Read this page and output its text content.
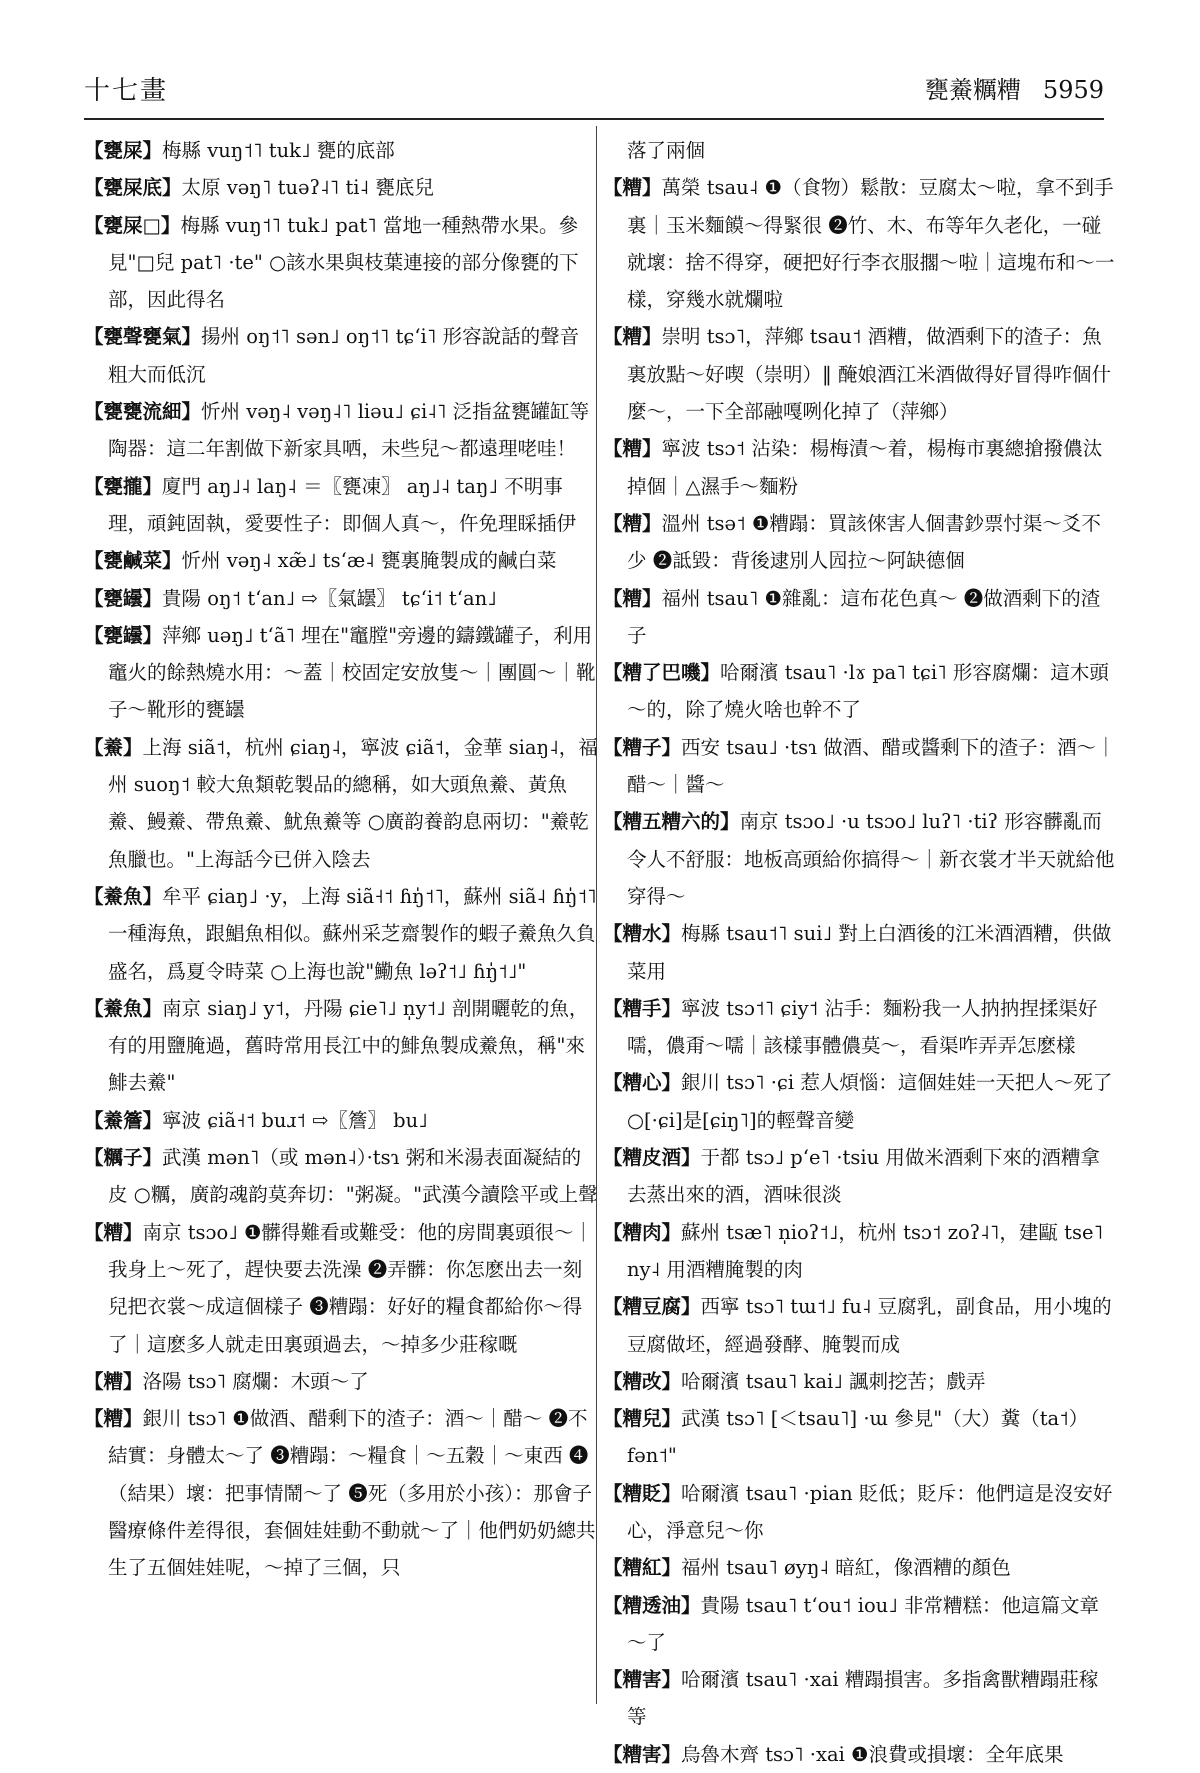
十七畫	甕鯗糲糟 5959

【甕屎】梅縣 vuŋ˦˥ tuk˩ 甕的底部

【甕屎底】太原 vəŋ˥ tuəʔ˨˥ ti˨ 甕底兒

【甕屎□】梅縣 vuŋ˦˥ tuk˩ pat˥ 當地一種熱帶水果。參見"□兒 pat˥ ·te" ○該水果與枝葉連接的部分像甕的下部，因此得名

【甕聲甕氣】揚州 oŋ˦˥ sən˩ oŋ˦˥ tɕ‘i˥ 形容說話的聲音粗大而低沉

【甕甕流細】忻州 vəŋ˨ vəŋ˨˥ liəu˩ ɕi˨˥ 泛指盆甕罐缸等陶器：這二年割做下新家具哂，未些兒～都遠理咾哇！

【甕攏】廈門 aŋ˩˨ laŋ˨ ＝〖甕凍〗 aŋ˩˨ taŋ˩ 不明事理，頑鈍固執，愛要性子：即個人真～，仵免理睬插伊

【甕鹹菜】忻州 vəŋ˨ xæ̃˩ ts‘æ˨ 甕裏腌製成的鹹白菜

【甕罎】貴陽 oŋ˦ t‘an˩ ⇨〖氣罎〗 tɕ‘i˦ t‘an˩

【甕罎】萍鄉 uəŋ˩ t‘ã˥ 埋在"竈膛"旁邊的鑄鐵罐子，利用竈火的餘熱燒水用：～蓋｜校固定安放隻～｜團圓～｜靴子～靴形的甕罎

【鯗】上海 siã˦，杭州 ɕiaŋ˨，寧波 ɕiã˦，金華 siaŋ˨，福州 suoŋ˦ 較大魚類乾製品的總稱，如大頭魚鯗、黃魚鯗、鰻鯗、帶魚鯗、魷魚鯗等 ○廣韵養韵息兩切："鯗乾魚臘也。"上海話今已併入陰去

【鯗魚】牟平 ɕiaŋ˩ ·y，上海 siã˧˦ ɦŋ̍˦˥，蘇州 siã˨ ɦŋ̍˦˥ 一種海魚，跟鯧魚相似。蘇州采芝齋製作的蝦子鯗魚久負盛名，爲夏令時菜 ○上海也說"鰳魚 ləʔ˦˩ ɦŋ̍˦˩"

【鯗魚】南京 siaŋ˩ y˦，丹陽 ɕie˥˩ n̩y˦˩ 剖開曬乾的魚，有的用鹽腌過，舊時常用長江中的鯡魚製成鯗魚，稱"來鯡去鯗"

【鯗簷】寧波 ɕiã˧˦ buɹ˦ ⇨〖簷〗 bu˩

【糲子】武漢 mən˥（或 mən˨）·tsɿ 粥和米湯表面凝結的皮 ○糲，廣韵魂韵莫奔切："粥凝。"武漢今讀陰平或上聲

【糟】南京 tsɔo˩ ❶髒得難看或難受：他的房間裏頭很～｜我身上～死了，趕快要去洗澡 ❷弄髒：你怎麽出去一刻兒把衣裳～成這個樣子 ❸糟蹋：好好的糧食都給你～得了｜這麽多人就走田裏頭過去，～掉多少莊稼嘅

【糟】洛陽 tsɔ˥ 腐爛：木頭～了

【糟】銀川 tsɔ˥ ❶做酒、醋剩下的渣子：酒～｜醋～ ❷不結實：身體太～了 ❸糟蹋：～糧食｜～五穀｜～東西 ❹（結果）壞：把事情鬧～了 ❺死（多用於小孩）：那會子醫療條件差得很，套個娃娃動不動就～了｜他們奶奶總共生了五個娃娃呢，～掉了三個，只

落了兩個

【糟】萬榮 tsau˨ ❶（食物）鬆散：豆腐太～啦，拿不到手裏｜玉米麵饃～得緊很 ❷竹、木、布等年久老化，一碰就壞：捨不得穿，硬把好行李衣服擱～啦｜這塊布和～一樣，穿幾水就爛啦

【糟】崇明 tsɔ˥，萍鄉 tsau˦ 酒糟，做酒剩下的渣子：魚裏放點～好喫（崇明）‖ 醃娘酒江米酒做得好冒得咋個什麼～，一下全部融嘎咧化掉了（萍鄉）

【糟】寧波 tsɔ˦ 沾染：楊梅漬～着，楊梅市裏總搶撥儂汰掉個｜△濕手～麵粉

【糟】溫州 tsə˦ ❶糟蹋：買該倈害人個書鈔票忖渠～爻不少 ❷詆毀：背後逮別人囥拉～阿缺德個

【糟】福州 tsau˥ ❶雜亂：這布花色真～ ❷做酒剩下的渣子

【糟了巴嘰】哈爾濱 tsau˥ ·lɤ pa˥ tɕi˥ 形容腐爛：這木頭～的，除了燒火啥也幹不了

【糟子】西安 tsau˩ ·tsɿ 做酒、醋或醬剩下的渣子：酒～｜醋～｜醬～

【糟五糟六的】南京 tsɔo˩ ·u tsɔo˩ luʔ˥ ·tiʔ 形容髒亂而令人不舒服：地板高頭給你搞得～｜新衣裳才半天就給他穿得～

【糟水】梅縣 tsau˦˥ sui˩ 對上白酒後的江米酒酒糟，供做菜用

【糟手】寧波 tsɔ˦˥ ɕiy˦ 沾手：麵粉我一人抐抐捏揉渠好嚅，儂甭～嚅｜該樣事體儂莫～，看渠咋弄弄怎麽樣

【糟心】銀川 tsɔ˥ ·ɕi 惹人煩惱：這個娃娃一天把人～死了 ○[·ɕi]是[ɕiŋ˥]的輕聲音變

【糟皮酒】于都 tsɔ˩ p‘e˥ ·tsiu 用做米酒剩下來的酒糟拿去蒸出來的酒，酒味很淡

【糟肉】蘇州 tsæ˥ n̩ioʔ˦˩，杭州 tsɔ˦ zoʔ˨˥，建甌 tse˥ ny˨ 用酒糟腌製的肉

【糟豆腐】西寧 tsɔ˥ tɯ˦˩ fu˨ 豆腐乳，副食品，用小塊的豆腐做坯，經過發酵、腌製而成

【糟改】哈爾濱 tsau˥ kai˩ 諷刺挖苦；戲弄

【糟兒】武漢 tsɔ˥ [＜tsau˥] ·ɯ 參見"（大）糞（ta˦）fən˦"

【糟貶】哈爾濱 tsau˥ ·pian 貶低；貶斥：他們這是沒安好心，淨意兒～你

【糟紅】福州 tsau˥ øyŋ˨ 暗紅，像酒糟的顏色

【糟透油】貴陽 tsau˥ t‘ou˦ iou˩ 非常糟糕：他這篇文章～了

【糟害】哈爾濱 tsau˥ ·xai 糟蹋損害。多指禽獸糟蹋莊稼等

【糟害】烏魯木齊 tsɔ˥ ·xai ❶浪費或損壞：全年底果
